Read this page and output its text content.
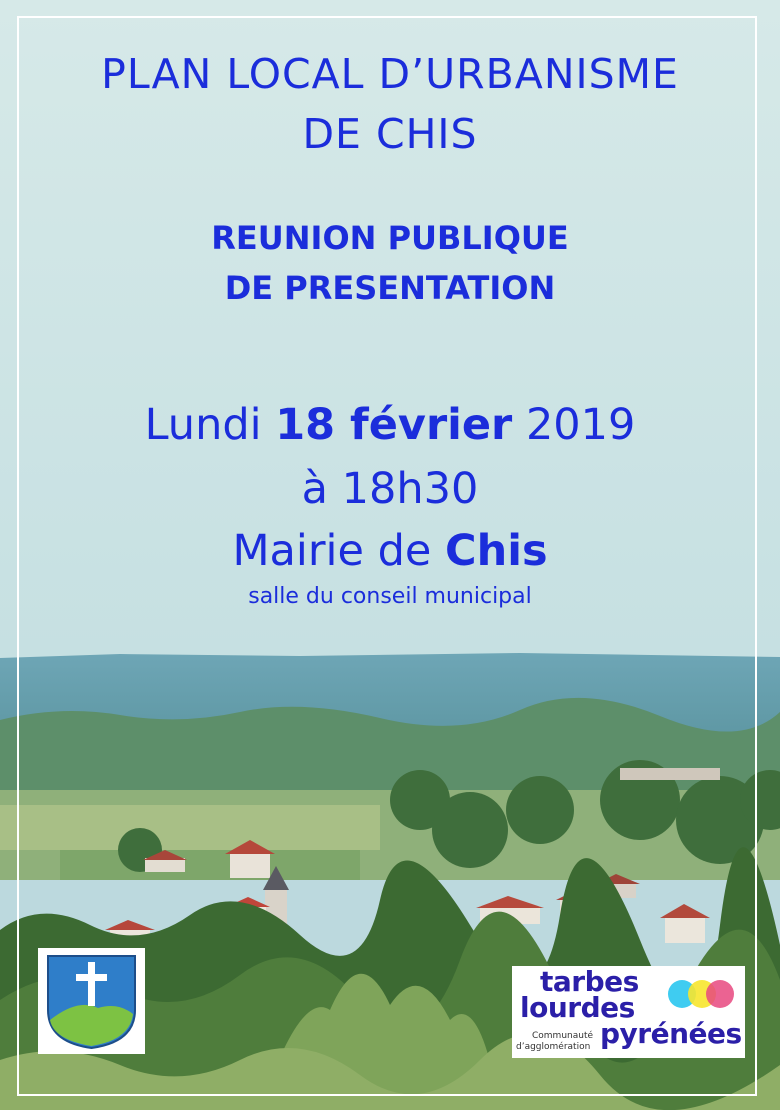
PLAN LOCAL D’URBANISME
DE CHIS
REUNION PUBLIQUE
DE PRESENTATION
Lundi 18 février 2019
à 18h30
Mairie de Chis
salle du conseil municipal
tarbes
lourdes
pyrénées
Communauté
d’agglomération
